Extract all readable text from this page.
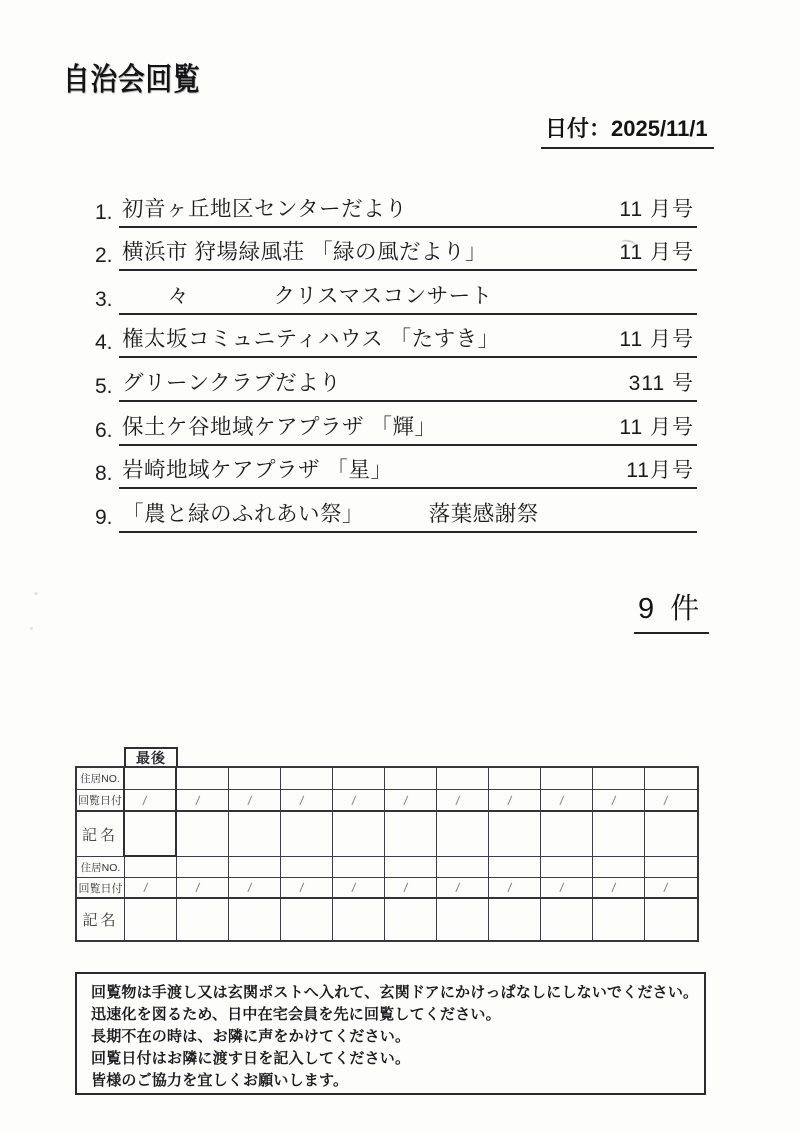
自治会回覧
日付：2025/11/1
1. 初音ヶ丘地区センターだより	11 月号
2. 横浜市 狩場緑風荘 「緑の風だより」	11 月号
3. 々             クリスマスコンサート
4. 権太坂コミュニティハウス 「たすき」	11 月号
5. グリーンクラブだより	311 号
6. 保土ケ谷地域ケアプラザ 「輝」	11 月号
8. 岩崎地域ケアプラザ 「星」	11月号
9. 「農と緑のふれあい祭」          落葉感謝祭
9 件
最後
住居NO.
回覧日付 /	/	/	/	/	/	/	/	/	/	/
記名
住居NO.
回覧日付 /	/	/	/	/	/	/	/	/	/	/
記名
回覧物は手渡し又は玄関ポストへ入れて、玄関ドアにかけっぱなしにしないでください。
迅速化を図るため、日中在宅会員を先に回覧してください。
長期不在の時は、お隣に声をかけてください。
回覧日付はお隣に渡す日を記入してください。
皆様のご協力を宜しくお願いします。
